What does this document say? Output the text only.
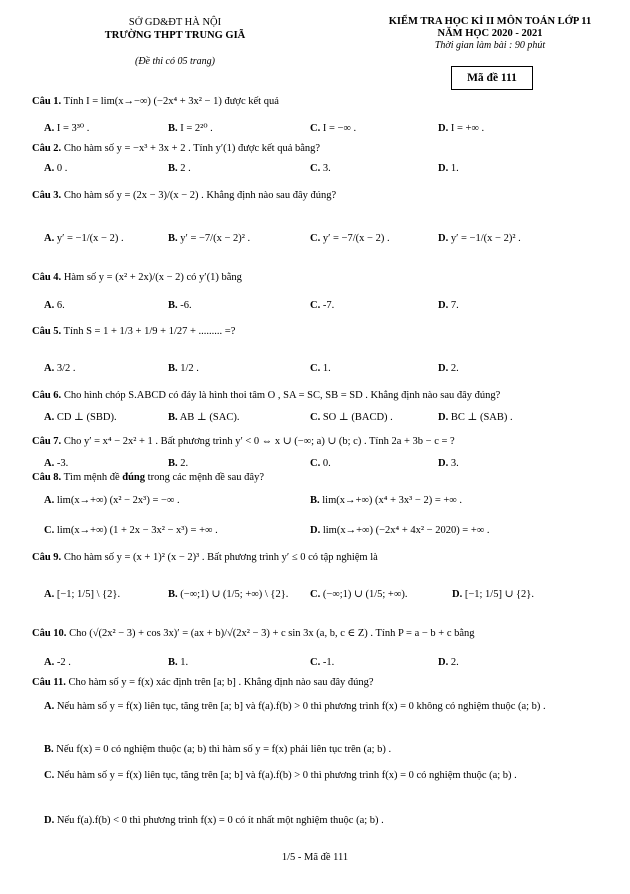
SỞ GD&ĐT HÀ NỘI
TRƯỜNG THPT TRUNG GIÃ
(Đề thi có 05 trang)
KIỂM TRA HỌC KÌ II MÔN TOÁN LỚP 11
NĂM HỌC 2020 - 2021
Thời gian làm bài : 90 phút
Mã đề 111
Câu 1. Tính I = lim(x→−∞) (−2x⁴ + 3x² − 1) được kết quả
A. I = 3³⁰ .	B. I = 2²⁰ .	C. I = −∞ .	D. I = +∞ .
Câu 2. Cho hàm số y = −x³ + 3x + 2 . Tính y′(1) được kết quả bằng?
A. 0 .	B. 2 .	C. 3.	D. 1.
Câu 3. Cho hàm số y = (2x − 3)/(x − 2) . Khẳng định nào sau đây đúng?
A. y′ = −1/(x − 2) .	B. y′ = −7/(x − 2)² .	C. y′ = −7/(x − 2) .	D. y′ = −1/(x − 2)² .
Câu 4. Hàm số y = (x² + 2x)/(x − 2) có y′(1) bằng
A. 6.	B. -6.	C. -7.	D. 7.
Câu 5. Tính S = 1 + 1/3 + 1/9 + 1/27 + ......... =?
A. 3/2 .	B. 1/2 .	C. 1.	D. 2.
Câu 6. Cho hình chóp S.ABCD có đáy là hình thoi tâm O , SA = SC, SB = SD . Khẳng định nào sau đây đúng?
A. CD ⊥ (SBD).	B. AB ⊥ (SAC).	C. SO ⊥ (BACD) .	D. BC ⊥ (SAB) .
Câu 7. Cho y′ = x⁴ − 2x² + 1 . Bất phương trình y′ < 0 ⇔ x ∪ (−∞; a) ∪ (b; c) . Tính 2a + 3b − c = ?
A. -3.	B. 2.	C. 0.	D. 3.
Câu 8. Tìm mệnh đề đúng trong các mệnh đề sau đây?
A. lim(x→+∞) (x² − 2x³) = −∞ .	B. lim(x→+∞) (x⁴ + 3x³ − 2) = +∞ .
C. lim(x→+∞) (1 + 2x − 3x² − x³) = +∞ .	D. lim(x→+∞) (−2x⁴ + 4x² − 2020) = +∞ .
Câu 9. Cho hàm số y = (x + 1)² (x − 2)³ . Bất phương trình y′ ≤ 0 có tập nghiệm là
A. [−1; 1/5] \ {2}.	B. (−∞;1) ∪ (1/5; +∞) \ {2}. C. (−∞;1) ∪ (1/5; +∞).	D. [−1; 1/5] ∪ {2}.
Câu 10. Cho (√(2x² − 3) + cos 3x)′ = (ax + b)/√(2x² − 3) + c sin 3x (a, b, c ∈ Z) . Tính P = a − b + c bằng
A. -2 .	B. 1.	C. -1.	D. 2.
Câu 11. Cho hàm số y = f(x) xác định trên [a; b] . Khẳng định nào sau đây đúng?
A. Nếu hàm số y = f(x) liên tục, tăng trên [a; b] và f(a).f(b) > 0 thì phương trình f(x) = 0 không có nghiệm thuộc (a; b) .
B. Nếu f(x) = 0 có nghiệm thuộc (a; b) thì hàm số y = f(x) phải liên tục trên (a; b) .
C. Nếu hàm số y = f(x) liên tục, tăng trên [a; b] và f(a).f(b) > 0 thì phương trình f(x) = 0 có nghiệm thuộc (a; b) .
D. Nếu f(a).f(b) < 0 thì phương trình f(x) = 0 có ít nhất một nghiệm thuộc (a; b) .
1/5 - Mã đề 111
